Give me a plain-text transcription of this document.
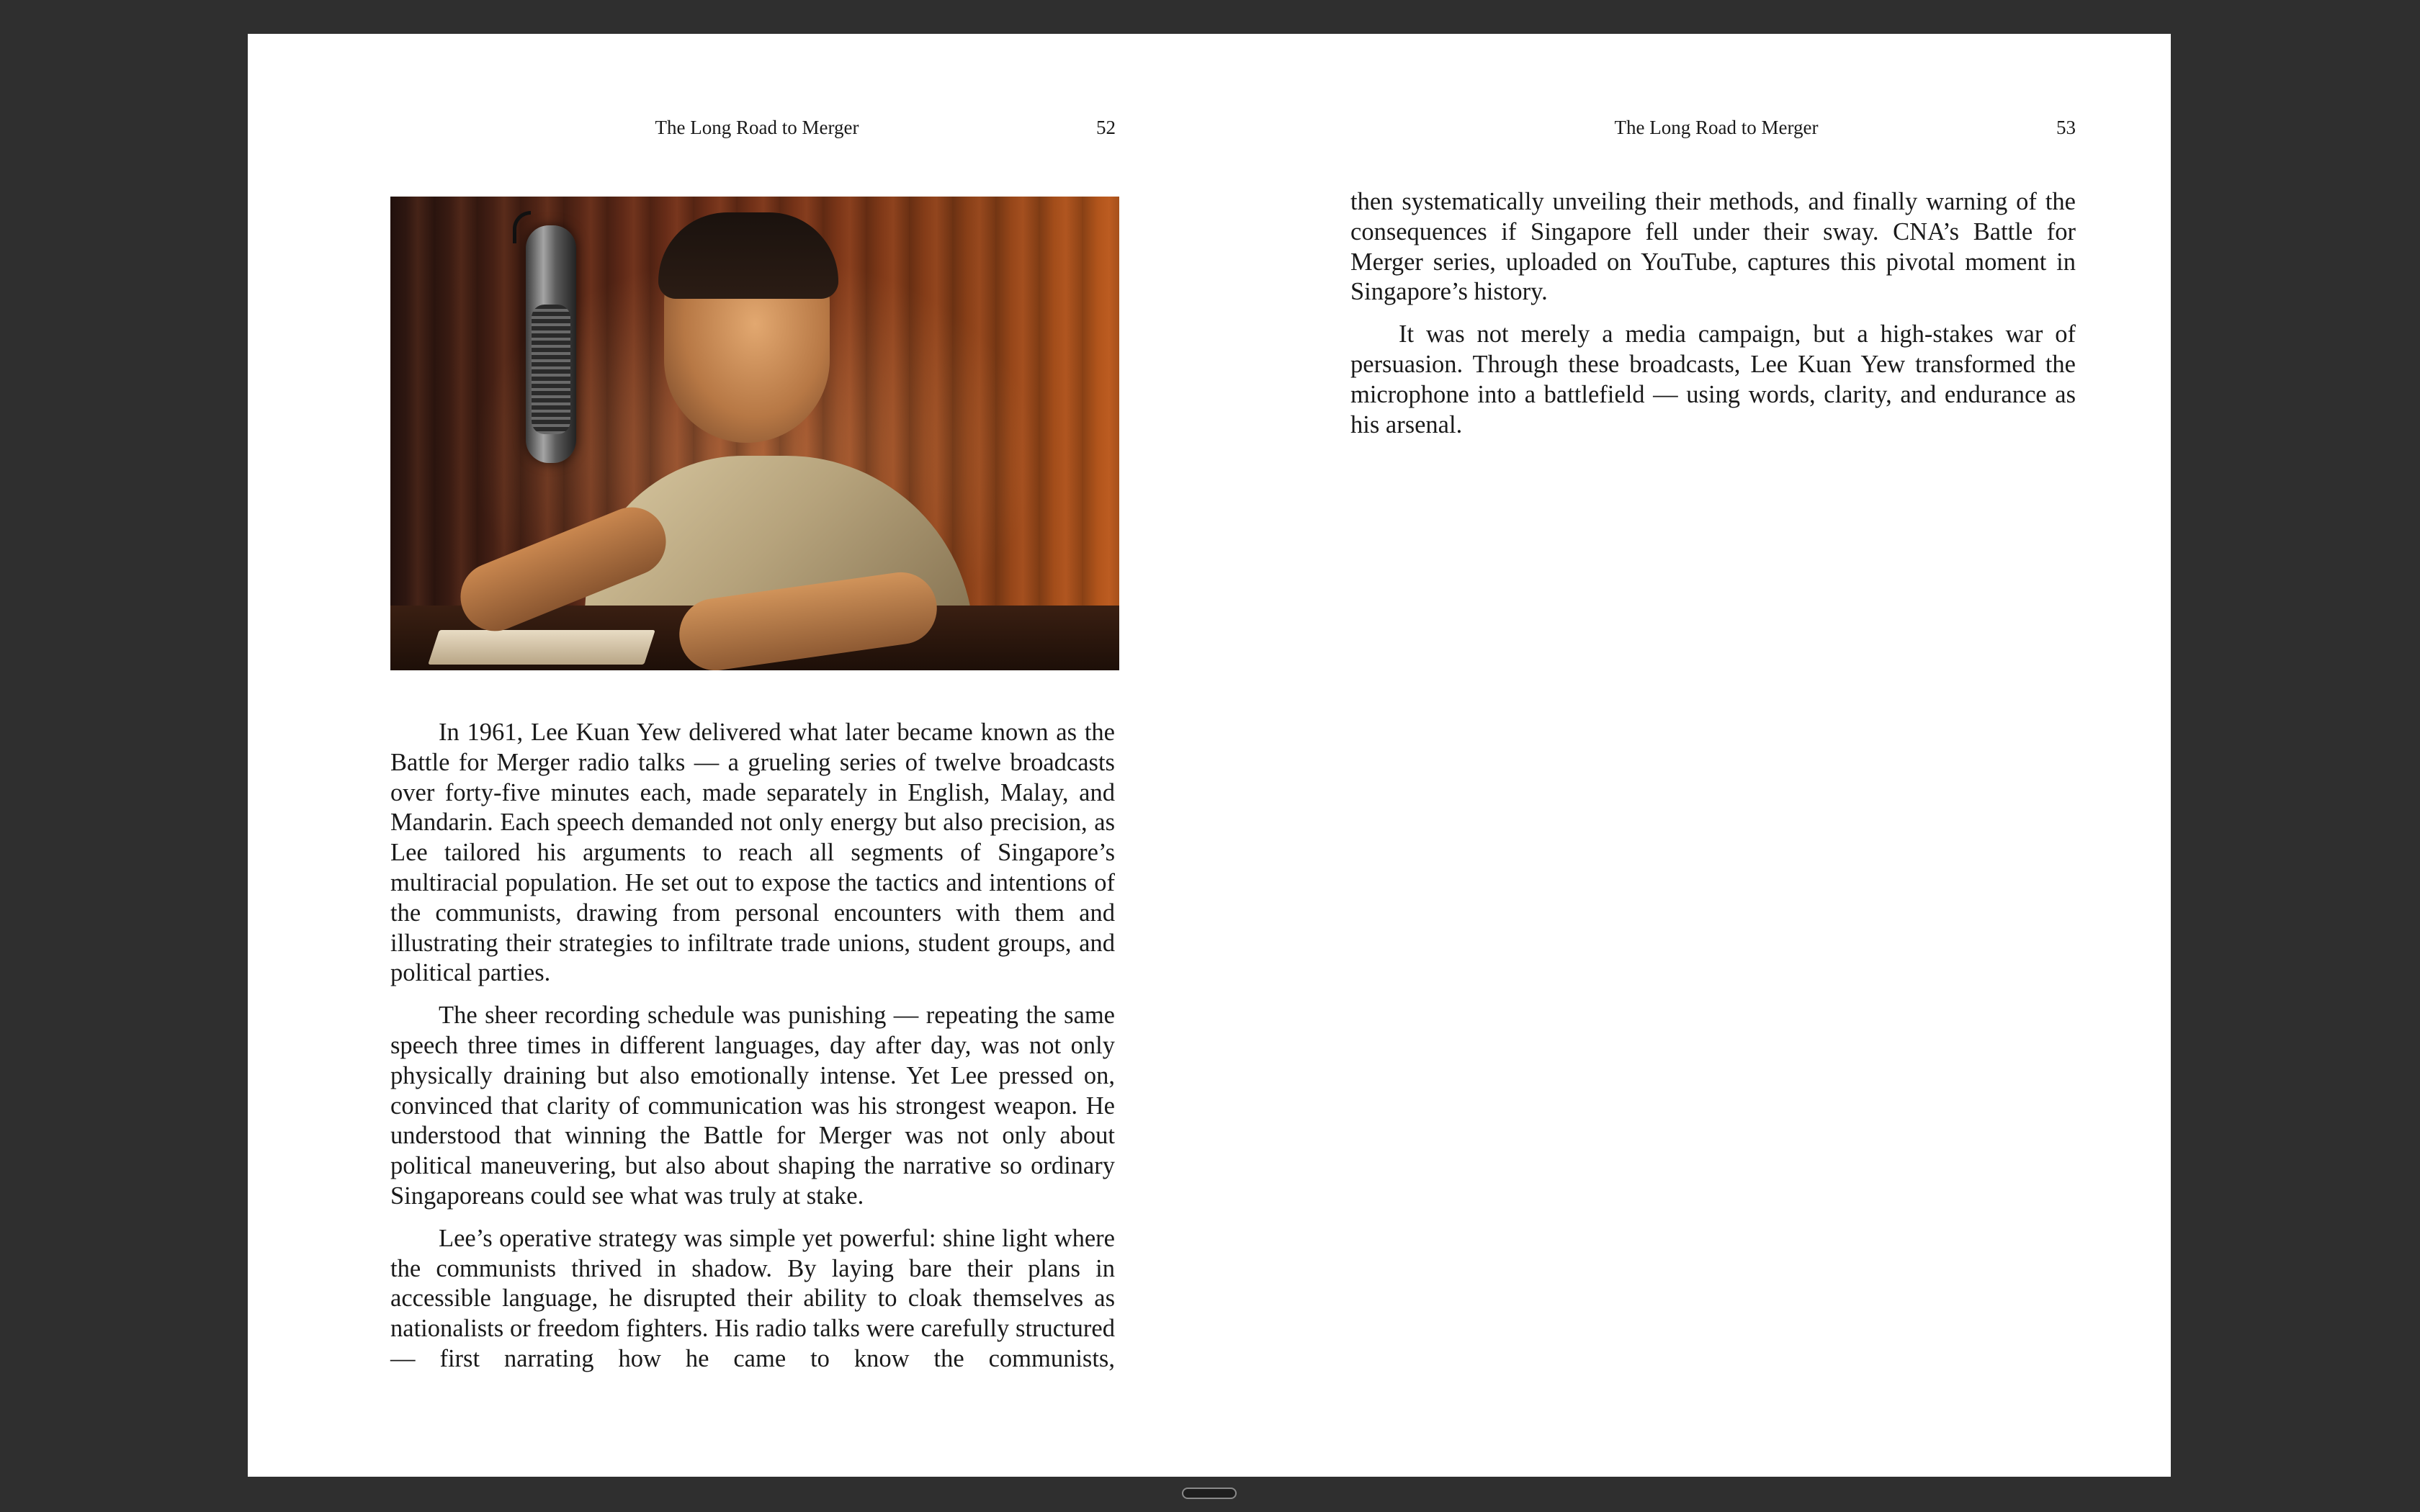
The Long Road to Merger	52

In 1961, Lee Kuan Yew delivered what later became known as the Battle for Merger radio talks — a grueling series of twelve broadcasts over forty-five minutes each, made separately in English, Malay, and Mandarin. Each speech demanded not only energy but also precision, as Lee tailored his arguments to reach all segments of Singapore’s multiracial population. He set out to expose the tactics and intentions of the communists, drawing from personal encounters with them and illustrating their strategies to infiltrate trade unions, student groups, and political parties.

The sheer recording schedule was punishing — repeating the same speech three times in different languages, day after day, was not only physically draining but also emotionally intense. Yet Lee pressed on, convinced that clarity of communication was his strongest weapon. He understood that winning the Battle for Merger was not only about political maneuvering, but also about shaping the narrative so ordinary Singaporeans could see what was truly at stake.

Lee’s operative strategy was simple yet powerful: shine light where the communists thrived in shadow. By laying bare their plans in accessible language, he disrupted their ability to cloak themselves as nationalists or freedom fighters. His radio talks were carefully structured — first narrating how he came to know the communists,

The Long Road to Merger	53

then systematically unveiling their methods, and finally warning of the consequences if Singapore fell under their sway. CNA’s Battle for Merger series, uploaded on YouTube, captures this pivotal moment in Singapore’s history.

It was not merely a media campaign, but a high-stakes war of persuasion. Through these broadcasts, Lee Kuan Yew transformed the microphone into a battlefield — using words, clarity, and endurance as his arsenal.
